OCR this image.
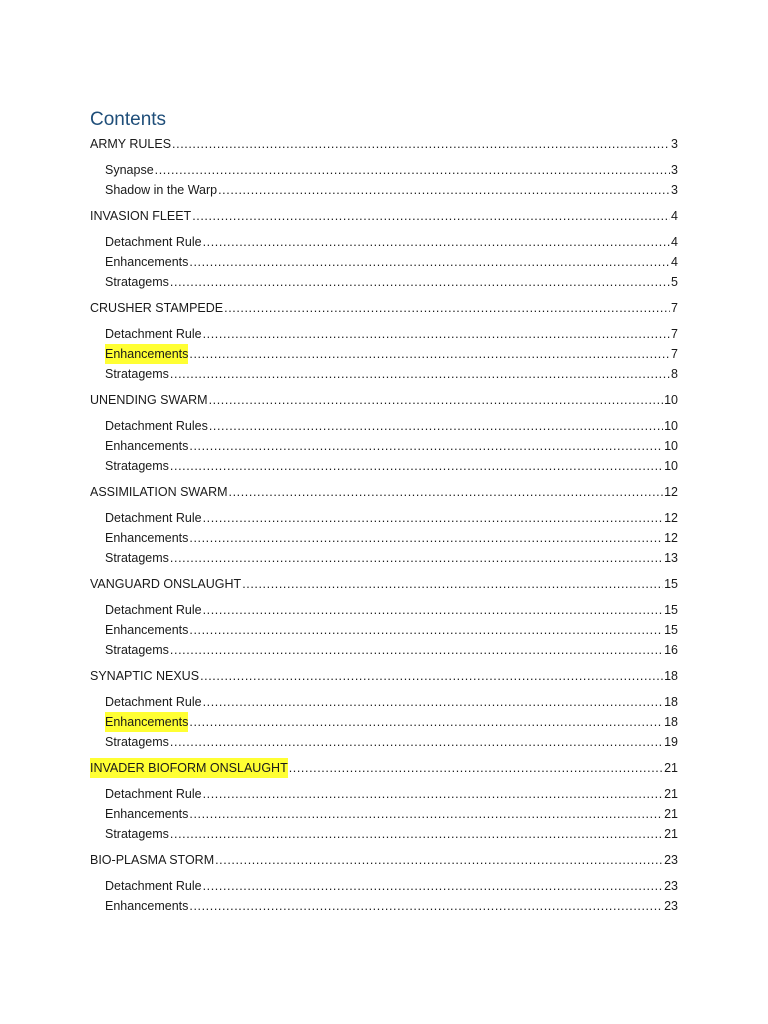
Contents
ARMY RULES .....	3
Synapse .....	3
Shadow in the Warp .....	3
INVASION FLEET .....	4
Detachment Rule .....	4
Enhancements .....	4
Stratagems .....	5
CRUSHER STAMPEDE .....	7
Detachment Rule .....	7
Enhancements .....	7
Stratagems .....	8
UNENDING SWARM .....	10
Detachment Rules .....	10
Enhancements .....	10
Stratagems .....	10
ASSIMILATION SWARM .....	12
Detachment Rule .....	12
Enhancements .....	12
Stratagems .....	13
VANGUARD ONSLAUGHT .....	15
Detachment Rule .....	15
Enhancements .....	15
Stratagems .....	16
SYNAPTIC NEXUS .....	18
Detachment Rule .....	18
Enhancements .....	18
Stratagems .....	19
INVADER BIOFORM ONSLAUGHT .....	21
Detachment Rule .....	21
Enhancements .....	21
Stratagems .....	21
BIO-PLASMA STORM .....	23
Detachment Rule .....	23
Enhancements .....	23
